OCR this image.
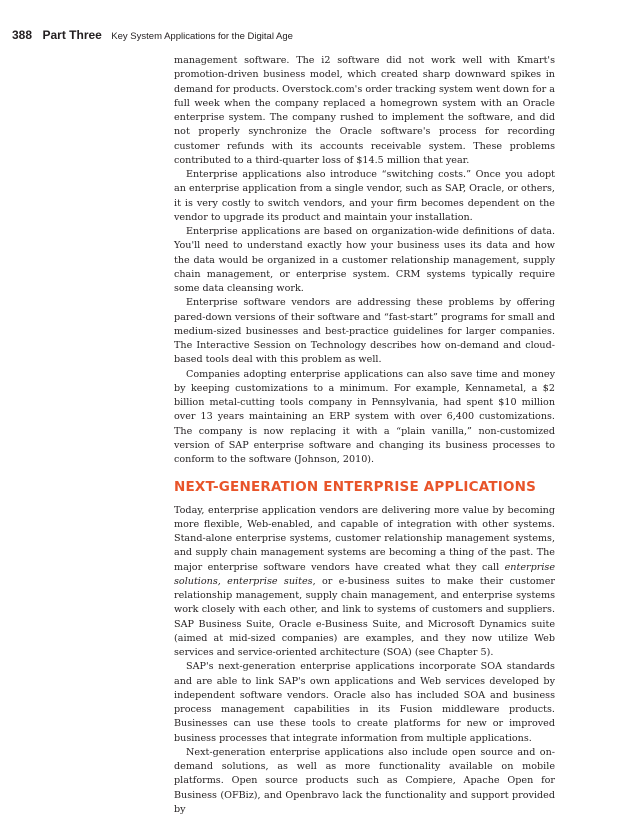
388 Part Three Key System Applications for the Digital Age

management software. The i2 software did not work well with Kmart's promotion-driven business model, which created sharp downward spikes in demand for products. Overstock.com's order tracking system went down for a full week when the company replaced a homegrown system with an Oracle enterprise system. The company rushed to implement the software, and did not properly synchronize the Oracle software's process for recording customer refunds with its accounts receivable system. These problems contributed to a third-quarter loss of $14.5 million that year.

Enterprise applications also introduce “switching costs.” Once you adopt an enterprise application from a single vendor, such as SAP, Oracle, or others, it is very costly to switch vendors, and your firm becomes dependent on the vendor to upgrade its product and maintain your installation.

Enterprise applications are based on organization-wide definitions of data. You'll need to understand exactly how your business uses its data and how the data would be organized in a customer relationship management, supply chain management, or enterprise system. CRM systems typically require some data cleansing work.

Enterprise software vendors are addressing these problems by offering pared-down versions of their software and “fast-start” programs for small and medium-sized businesses and best-practice guidelines for larger companies. The Interactive Session on Technology describes how on-demand and cloud-based tools deal with this problem as well.

Companies adopting enterprise applications can also save time and money by keeping customizations to a minimum. For example, Kennametal, a $2 billion metal-cutting tools company in Pennsylvania, had spent $10 million over 13 years maintaining an ERP system with over 6,400 customizations. The company is now replacing it with a “plain vanilla,” non-customized version of SAP enterprise software and changing its business processes to conform to the software (Johnson, 2010).

NEXT-GENERATION ENTERPRISE APPLICATIONS

Today, enterprise application vendors are delivering more value by becoming more flexible, Web-enabled, and capable of integration with other systems. Stand-alone enterprise systems, customer relationship management systems, and supply chain management systems are becoming a thing of the past. The major enterprise software vendors have created what they call enterprise solutions, enterprise suites, or e-business suites to make their customer relationship management, supply chain management, and enterprise systems work closely with each other, and link to systems of customers and suppliers. SAP Business Suite, Oracle e-Business Suite, and Microsoft Dynamics suite (aimed at mid-sized companies) are examples, and they now utilize Web services and service-oriented architecture (SOA) (see Chapter 5).

SAP's next-generation enterprise applications incorporate SOA standards and are able to link SAP's own applications and Web services developed by independent software vendors. Oracle also has included SOA and business process management capabilities in its Fusion middleware products. Businesses can use these tools to create platforms for new or improved business processes that integrate information from multiple applications.

Next-generation enterprise applications also include open source and on-demand solutions, as well as more functionality available on mobile platforms. Open source products such as Compiere, Apache Open for Business (OFBiz), and Openbravo lack the functionality and support provided by
